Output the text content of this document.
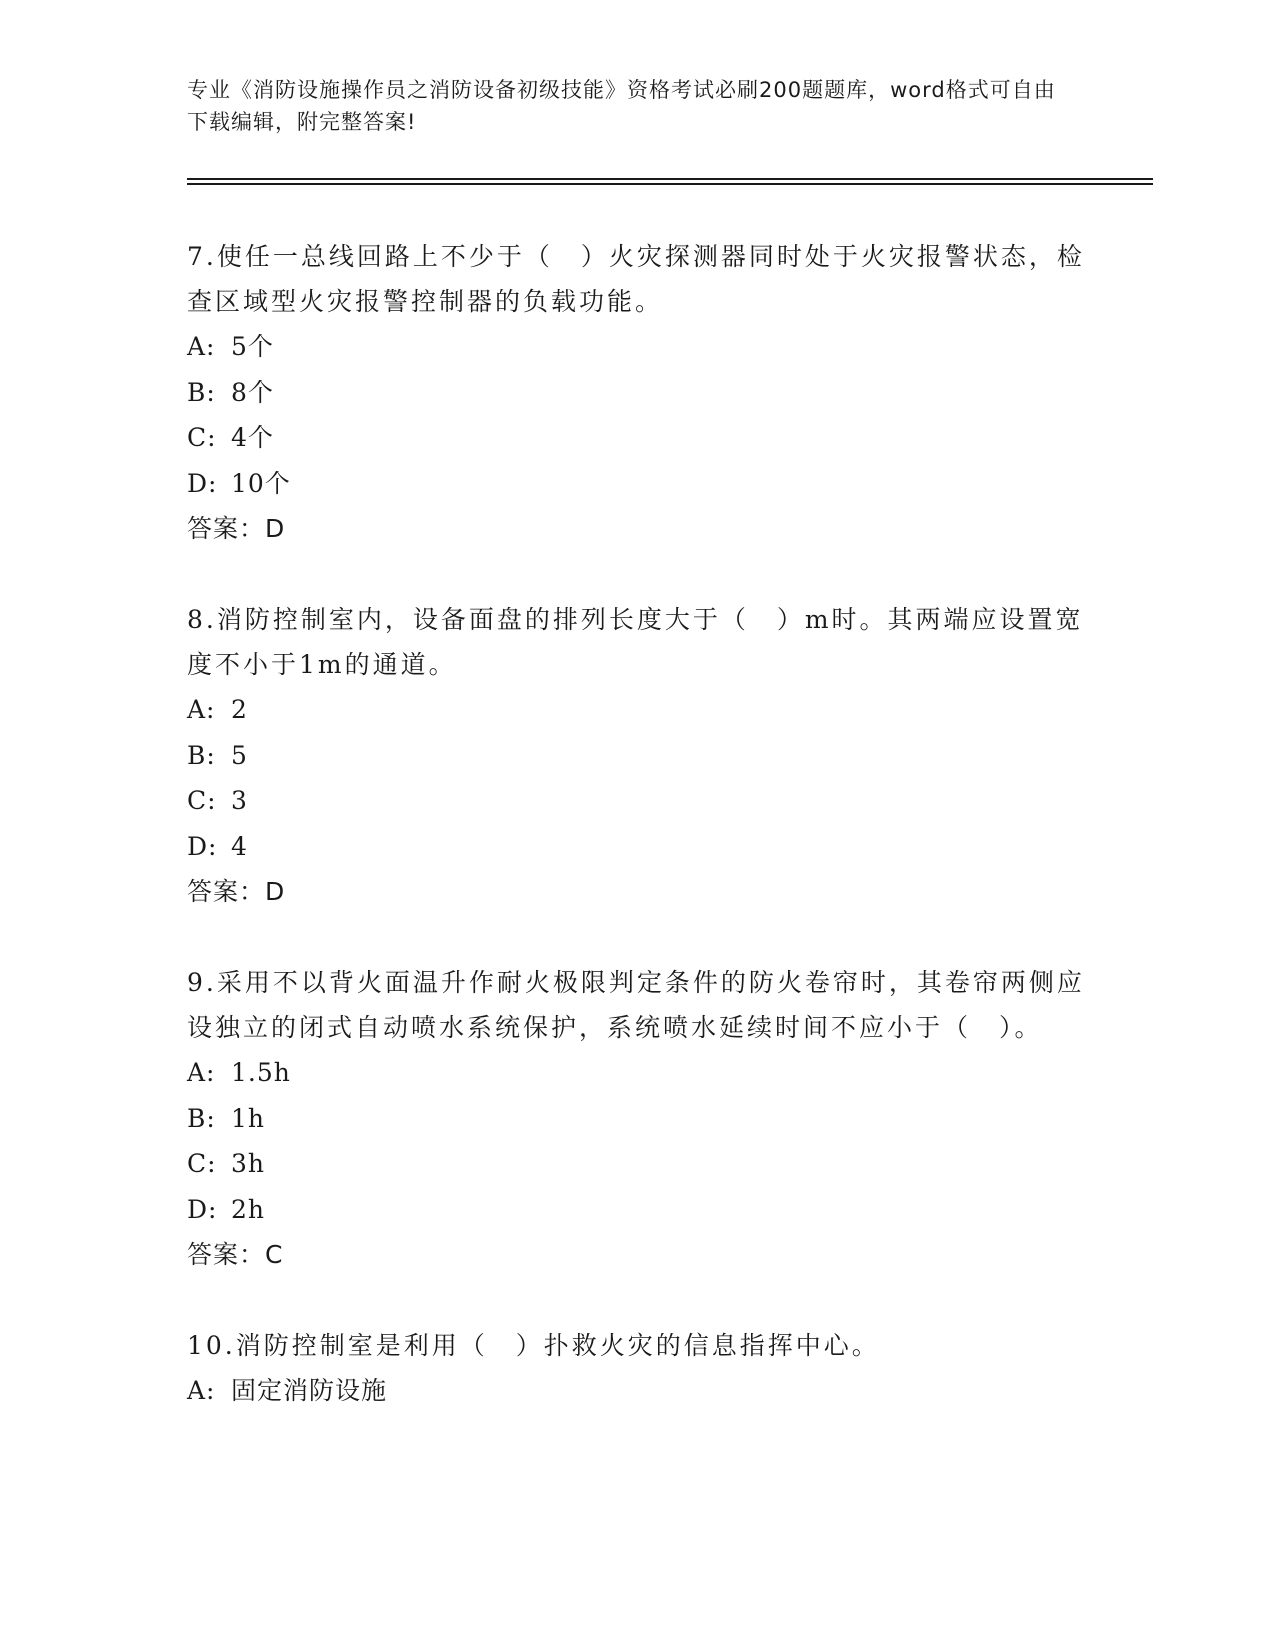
专业《消防设施操作员之消防设备初级技能》资格考试必刷200题题库，word格式可自由下载编辑，附完整答案!
7.使任一总线回路上不少于（　）火灾探测器同时处于火灾报警状态，检查区域型火灾报警控制器的负载功能。
A: 5个
B: 8个
C: 4个
D: 10个
答案：D
8.消防控制室内，设备面盘的排列长度大于（　）m时。其两端应设置宽度不小于1m的通道。
A: 2
B: 5
C: 3
D: 4
答案：D
9.采用不以背火面温升作耐火极限判定条件的防火卷帘时，其卷帘两侧应设独立的闭式自动喷水系统保护，系统喷水延续时间不应小于（　）。
A: 1.5h
B: 1h
C: 3h
D: 2h
答案：C
10.消防控制室是利用（　）扑救火灾的信息指挥中心。
A: 固定消防设施
